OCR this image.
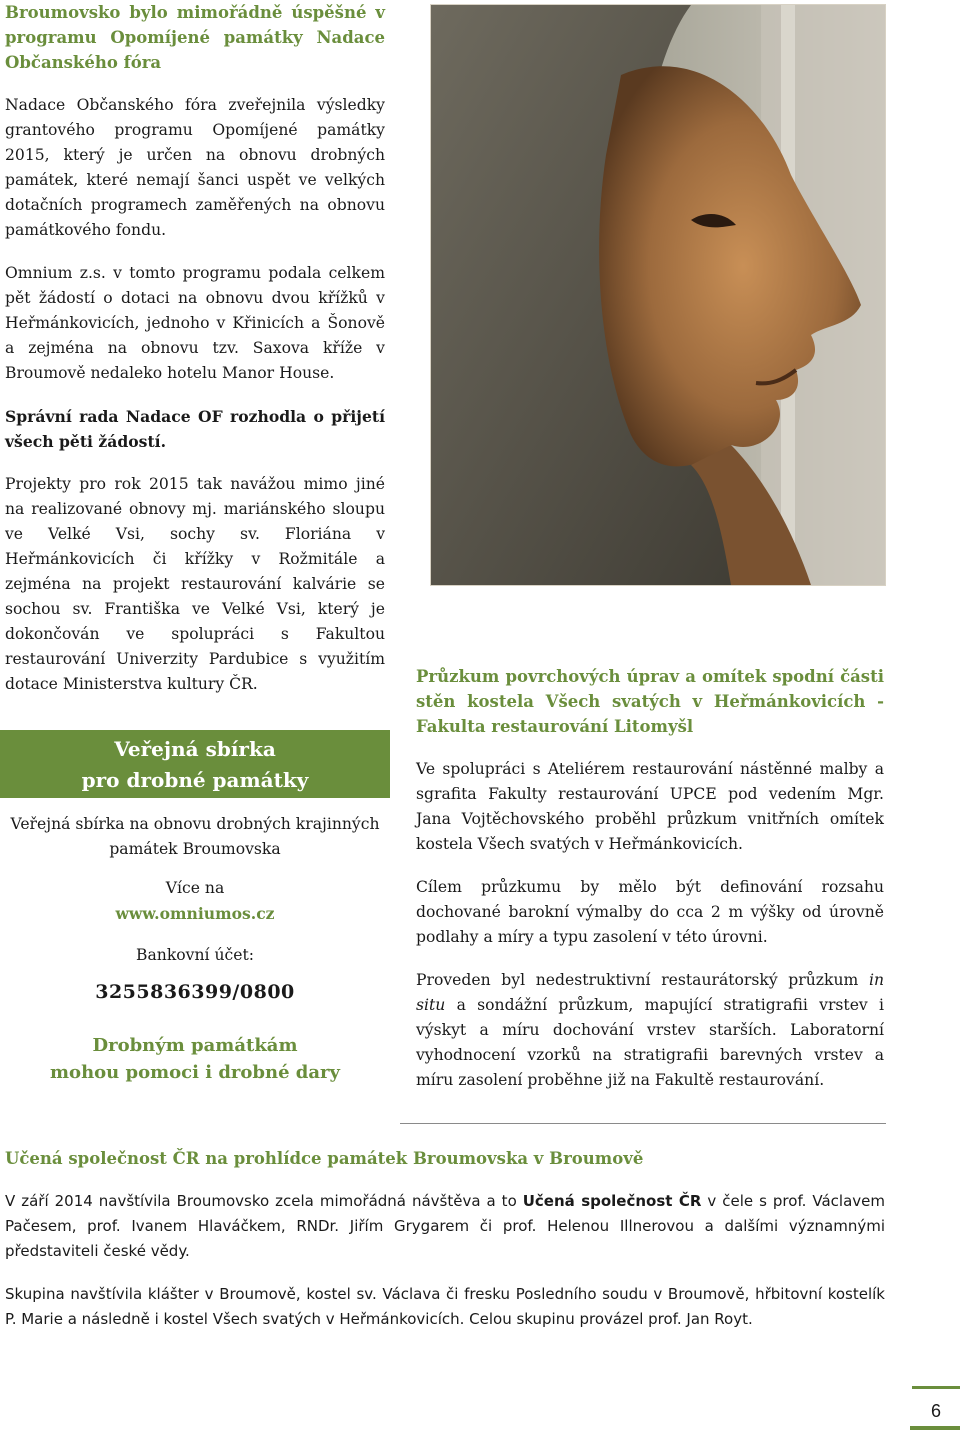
Broumovsko bylo mimořádně úspěšné v programu Opomíjené památky Nadace Občanského fóra

Nadace Občanského fóra zveřejnila výsledky grantového programu Opomíjené památky 2015, který je určen na obnovu drobných památek, které nemají šanci uspět ve velkých dotačních programech zaměřených na obnovu památkového fondu.

Omnium z.s. v tomto programu podala celkem pět žádostí o dotaci na obnovu dvou křížků v Heřmánkovicích, jednoho v Křinicích a Šonově a zejména na obnovu tzv. Saxova kříže v Broumově nedaleko hotelu Manor House.

Správní rada Nadace OF rozhodla o přijetí všech pěti žádostí.

Projekty pro rok 2015 tak navážou mimo jiné na realizované obnovy mj. mariánského sloupu ve Velké Vsi, sochy sv. Floriána v Heřmánkovicích či křížky v Rožmitále a zejména na projekt restaurování kalvárie se sochou sv. Františka ve Velké Vsi, který je dokončován ve spolupráci s Fakultou restaurování Univerzity Pardubice s využitím dotace Ministerstva kultury ČR.

Veřejná sbírka
pro drobné památky

Veřejná sbírka na obnovu drobných krajinných památek Broumovska

Více na

www.omniumos.cz

Bankovní účet:

3255836399/0800

Drobným památkám

mohou pomoci i drobné dary

Průzkum povrchových úprav a omítek spodní části stěn kostela Všech svatých v Heřmánkovicích - Fakulta restaurování Litomyšl

Ve spolupráci s Ateliérem restaurování nástěnné malby a sgrafita Fakulty restaurování UPCE pod vedením Mgr. Jana Vojtěchovského proběhl průzkum vnitřních omítek kostela Všech svatých v Heřmánkovicích.

Cílem průzkumu by mělo být definování rozsahu dochované barokní výmalby do cca 2 m výšky od úrovně podlahy a míry a typu zasolení v této úrovni.

Proveden byl nedestruktivní restaurátorský průzkum in situ a sondážní průzkum, mapující stratigrafii vrstev i výskyt a míru dochování vrstev starších. Laboratorní vyhodnocení vzorků na stratigrafii barevných vrstev a míru zasolení proběhne již na Fakultě restaurování.

Učená společnost ČR na prohlídce památek Broumovska v Broumově

V září 2014 navštívila Broumovsko zcela mimořádná návštěva a to Učená společnost ČR v čele s prof. Václavem Pačesem, prof. Ivanem Hlaváčkem, RNDr. Jiřím Grygarem či prof. Helenou Illnerovou a dalšími významnými představiteli české vědy.

Skupina navštívila klášter v Broumově, kostel sv. Václava či fresku Posledního soudu v Broumově, hřbitovní kostelík P. Marie a následně i kostel Všech svatých v Heřmánkovicích. Celou skupinu provázel prof. Jan Royt.

6
